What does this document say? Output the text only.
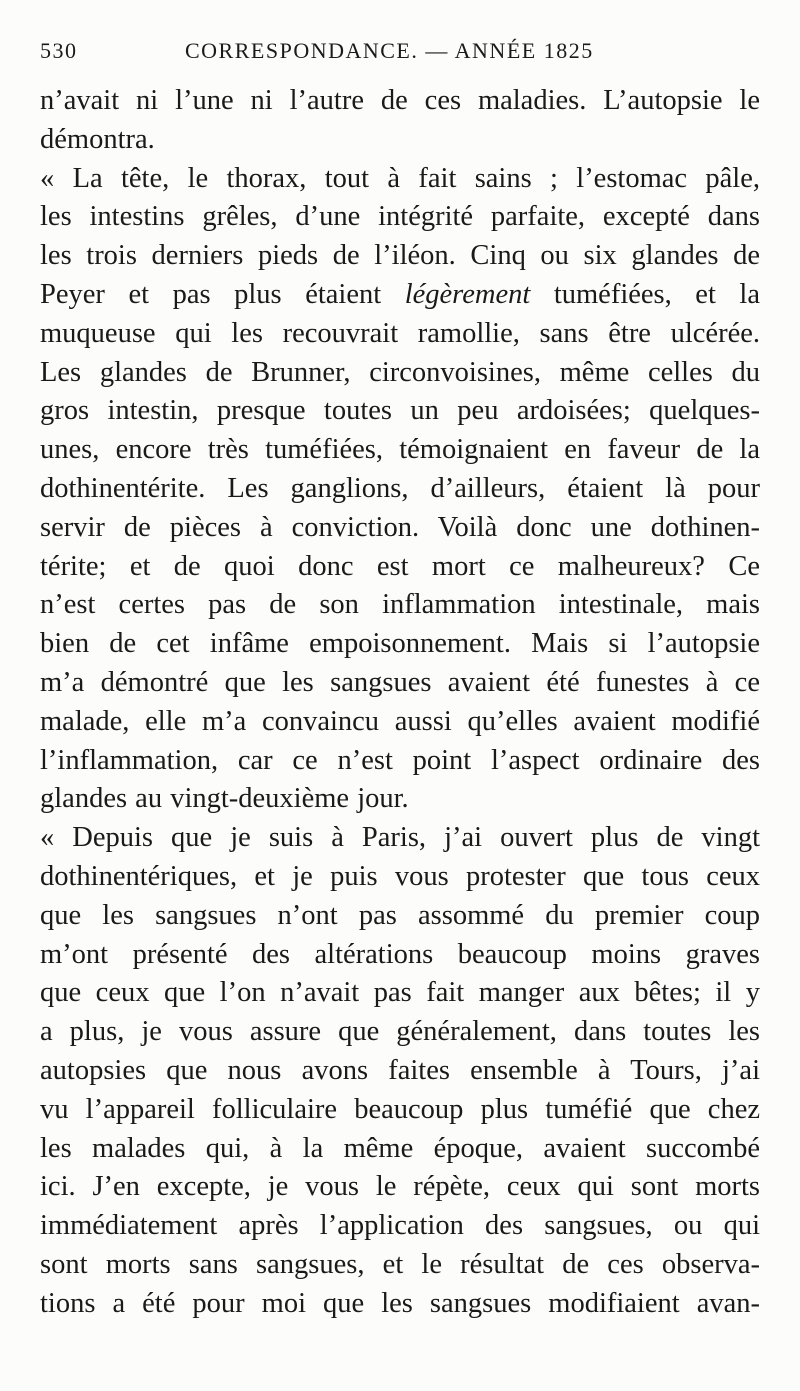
530	CORRESPONDANCE. — ANNÉE 1825
n’avait ni l’une ni l’autre de ces maladies. L’autopsie le
démontra.
« La tête, le thorax, tout à fait sains ; l’estomac pâle,
les intestins grêles, d’une intégrité parfaite, excepté dans
les trois derniers pieds de l’iléon. Cinq ou six glandes de
Peyer et pas plus étaient légèrement tuméfiées, et la
muqueuse qui les recouvrait ramollie, sans être ulcérée.
Les glandes de Brunner, circonvoisines, même celles du
gros intestin, presque toutes un peu ardoisées; quelques-
unes, encore très tuméfiées, témoignaient en faveur de la
dothinentérite. Les ganglions, d’ailleurs, étaient là pour
servir de pièces à conviction. Voilà donc une dothinen-
térite; et de quoi donc est mort ce malheureux? Ce
n’est certes pas de son inflammation intestinale, mais
bien de cet infâme empoisonnement. Mais si l’autopsie
m’a démontré que les sangsues avaient été funestes à ce
malade, elle m’a convaincu aussi qu’elles avaient modifié
l’inflammation, car ce n’est point l’aspect ordinaire des
glandes au vingt-deuxième jour.
« Depuis que je suis à Paris, j’ai ouvert plus de vingt
dothinentériques, et je puis vous protester que tous ceux
que les sangsues n’ont pas assommé du premier coup
m’ont présenté des altérations beaucoup moins graves
que ceux que l’on n’avait pas fait manger aux bêtes; il y
a plus, je vous assure que généralement, dans toutes les
autopsies que nous avons faites ensemble à Tours, j’ai
vu l’appareil folliculaire beaucoup plus tuméfié que chez
les malades qui, à la même époque, avaient succombé
ici. J’en excepte, je vous le répète, ceux qui sont morts
immédiatement après l’application des sangsues, ou qui
sont morts sans sangsues, et le résultat de ces observa-
tions a été pour moi que les sangsues modifiaient avan-
